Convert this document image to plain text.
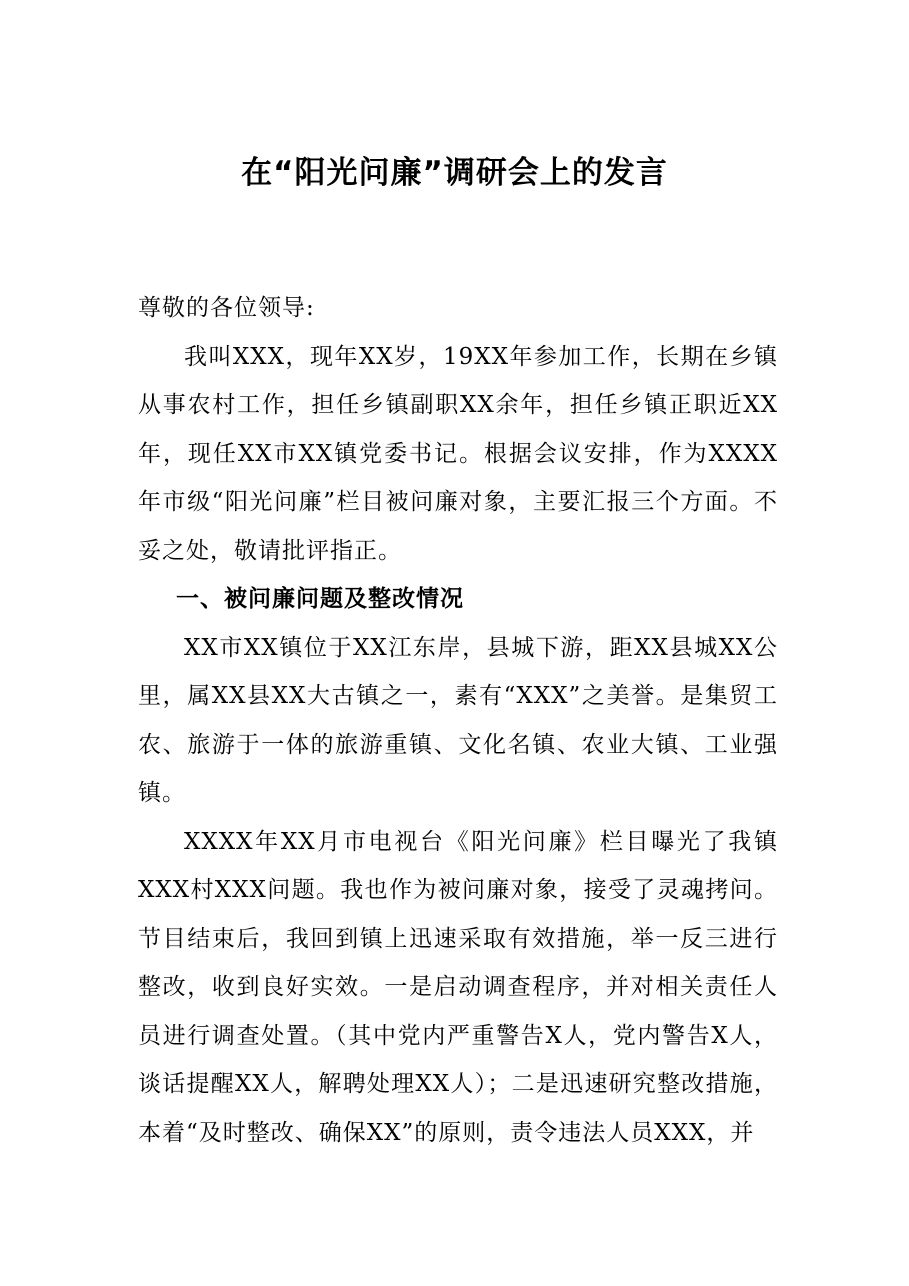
在“阳光问廉”调研会上的发言

尊敬的各位领导:

我叫XXX，现年XX岁，19XX年参加工作，长期在乡镇从事农村工作，担任乡镇副职XX余年，担任乡镇正职近XX年，现任XX市XX镇党委书记。根据会议安排，作为XXXX年市级“阳光问廉”栏目被问廉对象，主要汇报三个方面。不妥之处，敬请批评指正。

一、被问廉问题及整改情况

XX市XX镇位于XX江东岸，县城下游，距XX县城XX公里，属XX县XX大古镇之一，素有“XXX”之美誉。是集贸工农、旅游于一体的旅游重镇、文化名镇、农业大镇、工业强镇。

XXXX年XX月市电视台《阳光问廉》栏目曝光了我镇XXX村XXX问题。我也作为被问廉对象，接受了灵魂拷问。节目结束后，我回到镇上迅速采取有效措施，举一反三进行整改，收到良好实效。一是启动调查程序，并对相关责任人员进行调查处置。（其中党内严重警告X人，党内警告X人，谈话提醒XX人，解聘处理XX人）；二是迅速研究整改措施，本着“及时整改、确保XX”的原则，责令违法人员XXX，并
